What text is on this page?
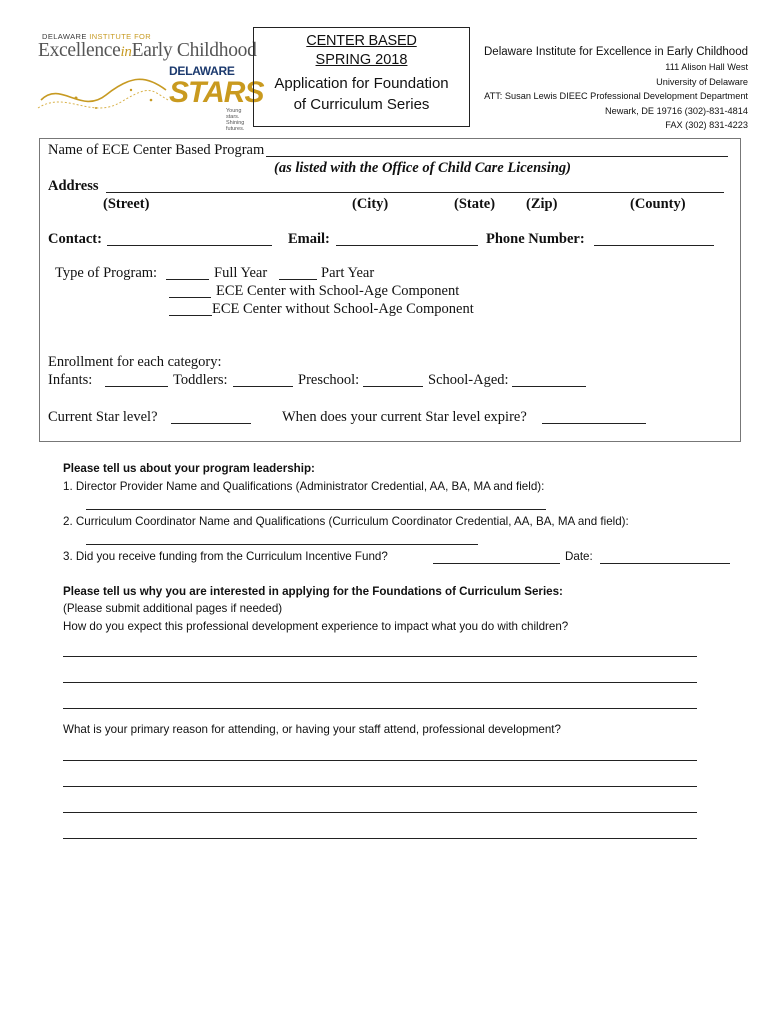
DELAWARE INSTITUTE FOR
ExcellenceinEarly Childhood
DELAWARE
STARS
Young stars. Shining futures.
CENTER BASED
SPRING 2018
Application for Foundation
of Curriculum Series
Delaware Institute for Excellence in Early Childhood
111 Alison Hall West
University of Delaware
ATT: Susan Lewis DIEEC Professional Development Department
Newark, DE 19716 (302)-831-4814
FAX (302) 831-4223
Name of ECE Center Based Program
(as listed with the Office of Child Care Licensing)
Address
(Street)	(City)	(State) (Zip)	(County)
Contact:	Email:	Phone Number:
Type of Program:	Full Year	Part Year
ECE Center with School-Age Component
ECE Center without School-Age Component
Enrollment for each category:
Infants:	Toddlers:	Preschool:	School-Aged:
Current Star level?	When does your current Star level expire?
Please tell us about your program leadership:
1. Director Provider Name and Qualifications (Administrator Credential, AA, BA, MA and field):
2. Curriculum Coordinator Name and Qualifications (Curriculum Coordinator Credential, AA, BA, MA and field):
3. Did you receive funding from the Curriculum Incentive Fund?	Date:
Please tell us why you are interested in applying for the Foundations of Curriculum Series:
(Please submit additional pages if needed)
How do you expect this professional development experience to impact what you do with children?
What is your primary reason for attending, or having your staff attend, professional development?
